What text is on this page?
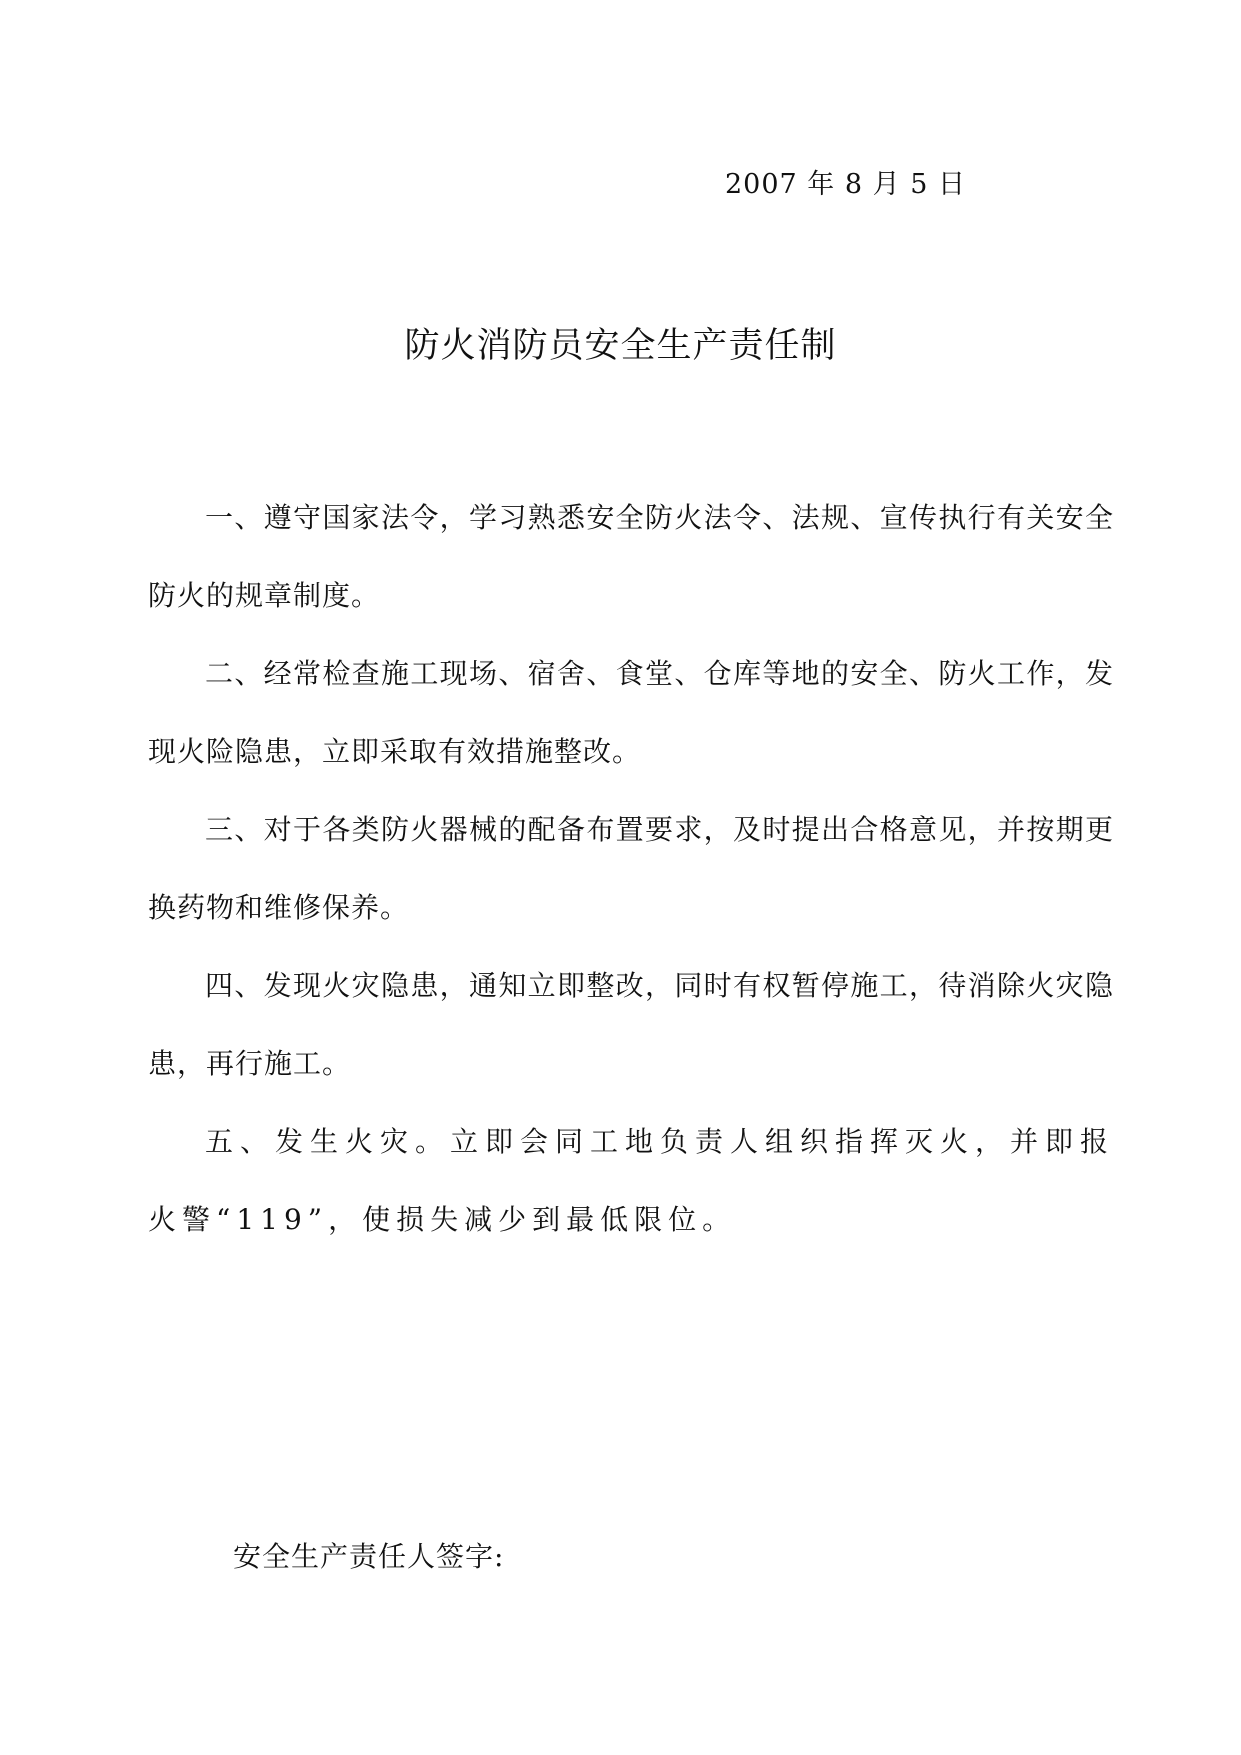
2007 年 8 月 5 日
防火消防员安全生产责任制

一、遵守国家法令，学习熟悉安全防火法令、法规、宣传执行有关安全防火的规章制度。

二、经常检查施工现场、宿舍、食堂、仓库等地的安全、防火工作，发现火险隐患，立即采取有效措施整改。

三、对于各类防火器械的配备布置要求，及时提出合格意见，并按期更换药物和维修保养。

四、发现火灾隐患，通知立即整改，同时有权暂停施工，待消除火灾隐患，再行施工。

五、发生火灾。立即会同工地负责人组织指挥灭火，并即报火警“119”，使损失减少到最低限位。

安全生产责任人签字:
